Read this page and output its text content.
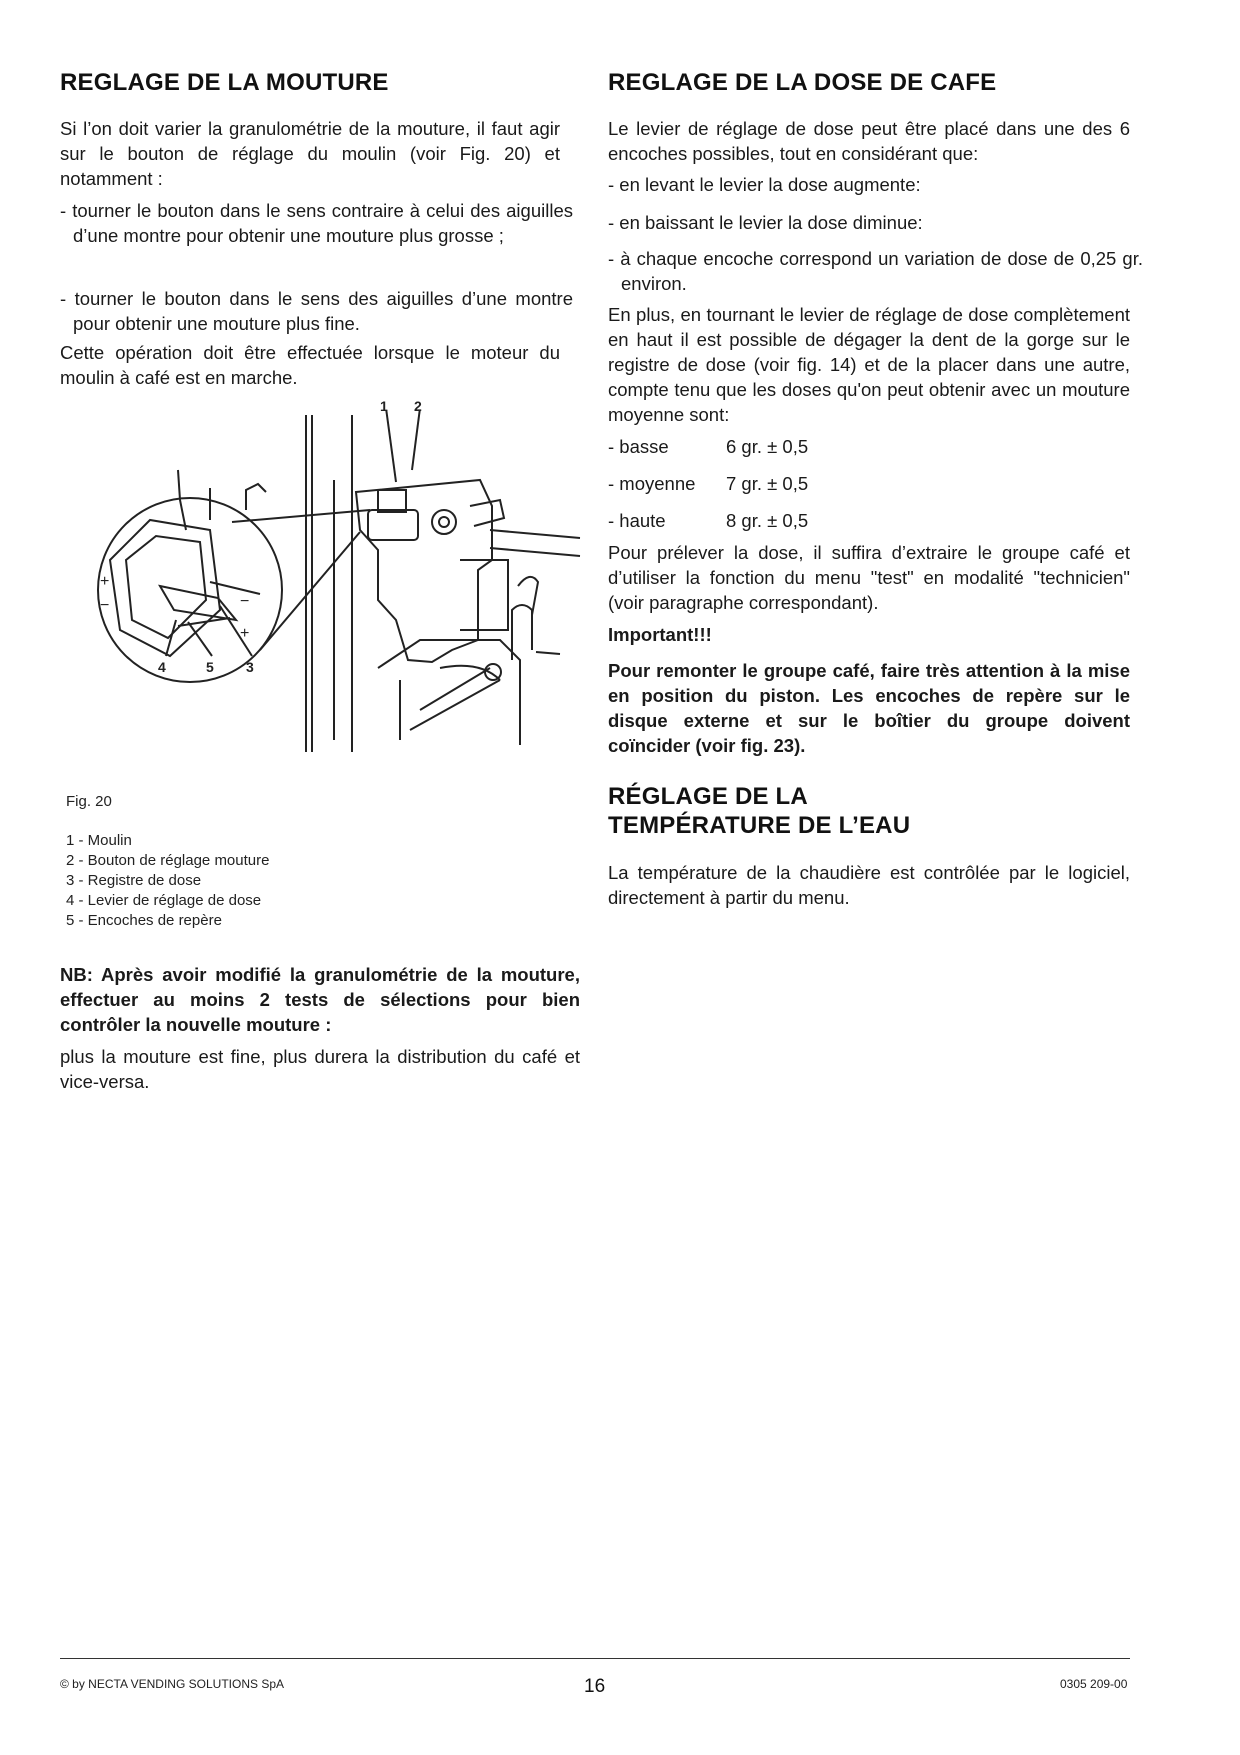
REGLAGE DE LA MOUTURE

Si l’on doit varier la granulométrie de la mouture, il faut agir sur le bouton de réglage du moulin (voir Fig. 20) et notamment :

- tourner le bouton dans le sens contraire à celui des aiguilles d’une montre pour obtenir une mouture plus grosse ;

- tourner le bouton dans le sens des aiguilles d’une montre pour obtenir une mouture plus fine.

Cette opération doit être effectuée lorsque le moteur du moulin à café est en marche.

+
−	−
+
4	5 3
1 2

Fig. 20

1 - Moulin
2 - Bouton de réglage mouture
3 - Registre de dose
4 - Levier de réglage de dose
5 - Encoches de repère

NB: Après avoir modifié la granulométrie de la mouture, effectuer au moins 2 tests de sélections pour bien contrôler la nouvelle mouture :

plus la mouture est fine, plus durera la distribution du café et vice-versa.

REGLAGE DE LA DOSE DE CAFE

Le levier de réglage de dose peut être placé dans une des 6 encoches possibles, tout en considérant que:

- en levant le levier la dose augmente:

- en baissant le levier la dose diminue:

- à chaque encoche correspond un variation de dose de 0,25 gr. environ.

En plus, en tournant le levier de réglage de dose complètement en haut il est possible de dégager la dent de la gorge sur le registre de dose (voir fig. 14) et de la placer dans une autre, compte tenu que les doses qu'on peut obtenir avec un mouture moyenne sont:

- basse	6 gr. ± 0,5
- moyenne 7 gr. ± 0,5
- haute	8 gr. ± 0,5

Pour prélever la dose, il suffira d’extraire le groupe café et d’utiliser la fonction du menu "test" en modalité "technicien" (voir paragraphe correspondant).

Important!!!

Pour remonter le groupe café, faire très attention à la mise en position du piston. Les encoches de repère sur le disque externe et sur le boîtier du groupe doivent coïncider (voir fig. 23).

RÉGLAGE DE LA
TEMPÉRATURE DE L’EAU

La température de la chaudière est contrôlée par le logiciel, directement à partir du menu.

© by NECTA VENDING SOLUTIONS SpA	16	0305 209-00
